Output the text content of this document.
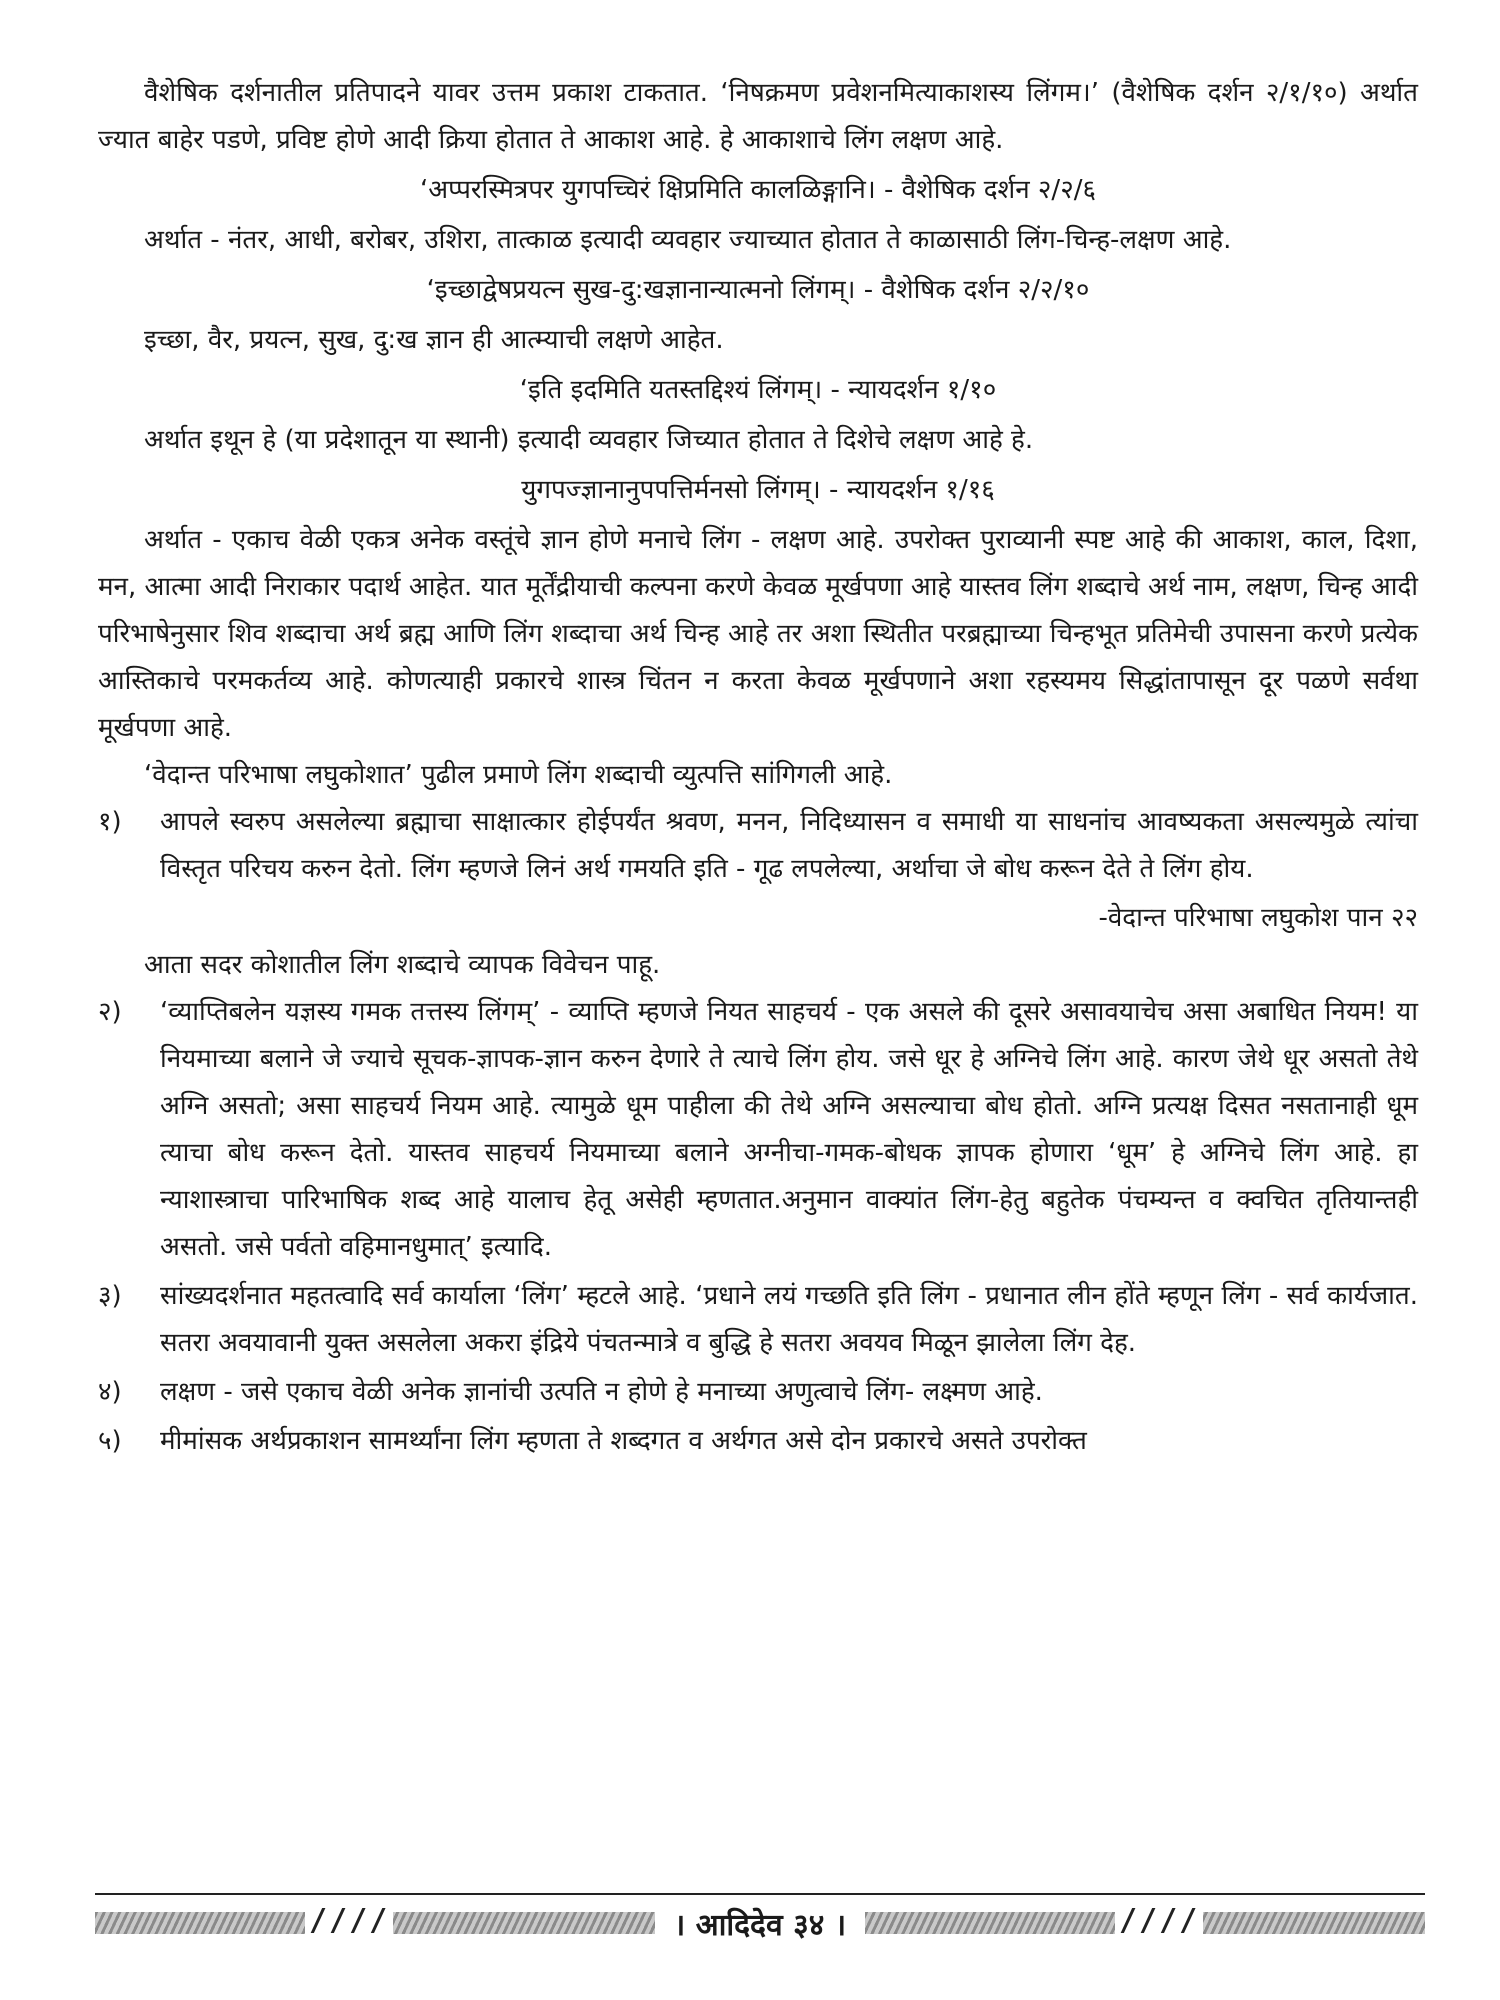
वैशेषिक दर्शनातील प्रतिपादने यावर उत्तम प्रकाश टाकतात. ‘निषक्रमण प्रवेशनमित्याकाशस्य लिंगम।’ (वैशेषिक दर्शन २/१/१०) अर्थात ज्यात बाहेर पडणे, प्रविष्ट होणे आदी क्रिया होतात ते आकाश आहे. हे आकाशाचे लिंग लक्षण आहे.

‘अप्परस्मित्रपर युगपच्चिरं क्षिप्रमिति कालळिङ्गानि। - वैशेषिक दर्शन २/२/६

अर्थात - नंतर, आधी, बरोबर, उशिरा, तात्काळ इत्यादी व्यवहार ज्याच्यात होतात ते काळासाठी लिंग-चिन्ह-लक्षण आहे.

‘इच्छाद्वेषप्रयत्न सुख-दु:खज्ञानान्यात्मनो लिंगम्। - वैशेषिक दर्शन २/२/१०

इच्छा, वैर, प्रयत्न, सुख, दु:ख ज्ञान ही आत्म्याची लक्षणे आहेत.

‘इति इदमिति यतस्तद्दिश्यं लिंगम्। - न्यायदर्शन १/१०

अर्थात इथून हे (या प्रदेशातून या स्थानी) इत्यादी व्यवहार जिच्यात होतात ते दिशेचे लक्षण आहे हे.

युगपज्ज्ञानानुपपत्तिर्मनसो लिंगम्। - न्यायदर्शन १/१६

अर्थात - एकाच वेळी एकत्र अनेक वस्तूंचे ज्ञान होणे मनाचे लिंग - लक्षण आहे. उपरोक्त पुराव्यानी स्पष्ट आहे की आकाश, काल, दिशा, मन, आत्मा आदी निराकार पदार्थ आहेत. यात मूर्तेंद्रीयाची कल्पना करणे केवळ मूर्खपणा आहे यास्तव लिंग शब्दाचे अर्थ नाम, लक्षण, चिन्ह आदी परिभाषेनुसार शिव शब्दाचा अर्थ ब्रह्म आणि लिंग शब्दाचा अर्थ चिन्ह आहे तर अशा स्थितीत परब्रह्माच्या चिन्हभूत प्रतिमेची उपासना करणे प्रत्येक आस्तिकाचे परमकर्तव्य आहे. कोणत्याही प्रकारचे शास्त्र चिंतन न करता केवळ मूर्खपणाने अशा रहस्यमय सिद्धांतापासून दूर पळणे सर्वथा मूर्खपणा आहे.

‘वेदान्त परिभाषा लघुकोशात’ पुढील प्रमाणे लिंग शब्दाची व्युत्पत्ति सांगिगली आहे.

१)	आपले स्वरुप असलेल्या ब्रह्माचा साक्षात्कार होईपर्यंत श्रवण, मनन, निदिध्यासन व समाधी या साधनांच आवष्यकता असल्यमुळे त्यांचा विस्तृत परिचय करुन देतो. लिंग म्हणजे लिनं अर्थ गमयति इति - गूढ लपलेल्या, अर्थाचा जे बोध करून देते ते लिंग होय.

-वेदान्त परिभाषा लघुकोश पान २२

आता सदर कोशातील लिंग शब्दाचे व्यापक विवेचन पाहू.

२)	‘व्याप्तिबलेन यज्ञस्य गमक तत्तस्य लिंगम्’ - व्याप्ति म्हणजे नियत साहचर्य - एक असले की दूसरे असावयाचेच असा अबाधित नियम! या नियमाच्या बलाने जे ज्याचे सूचक-ज्ञापक-ज्ञान करुन देणारे ते त्याचे लिंग होय. जसे धूर हे अग्निचे लिंग आहे. कारण जेथे धूर असतो तेथे अग्नि असतो; असा साहचर्य नियम आहे. त्यामुळे धूम पाहीला की तेथे अग्नि असल्याचा बोध होतो. अग्नि प्रत्यक्ष दिसत नसतानाही धूम त्याचा बोध करून देतो. यास्तव साहचर्य नियमाच्या बलाने अग्नीचा-गमक-बोधक ज्ञापक होणारा ‘धूम’ हे अग्निचे लिंग आहे. हा न्याशास्त्राचा पारिभाषिक शब्द आहे यालाच हेतू असेही म्हणतात.अनुमान वाक्यांत लिंग-हेतु बहुतेक पंचम्यन्त व क्वचित तृतियान्तही असतो. जसे पर्वतो वहिमानधुमात्’ इत्यादि.
३)	सांख्यदर्शनात महतत्वादि सर्व कार्याला ‘लिंग’ म्हटले आहे. ‘प्रधाने लयं गच्छति इति लिंग - प्रधानात लीन होंते म्हणून लिंग - सर्व कार्यजात. सतरा अवयावानी युक्त असलेला अकरा इंद्रिये पंचतन्मात्रे व बुद्धि हे सतरा अवयव मिळून झालेला लिंग देह.
४)	लक्षण - जसे एकाच वेळी अनेक ज्ञानांची उत्पति न होणे हे मनाच्या अणुत्वाचे लिंग- लक्ष्मण आहे.
५)	मीमांसक अर्थप्रकाशन सामर्थ्यांना लिंग म्हणता ते शब्दगत व अर्थगत असे दोन प्रकारचे असते उपरोक्त
////	। आदिदेव ३४ ।	////
